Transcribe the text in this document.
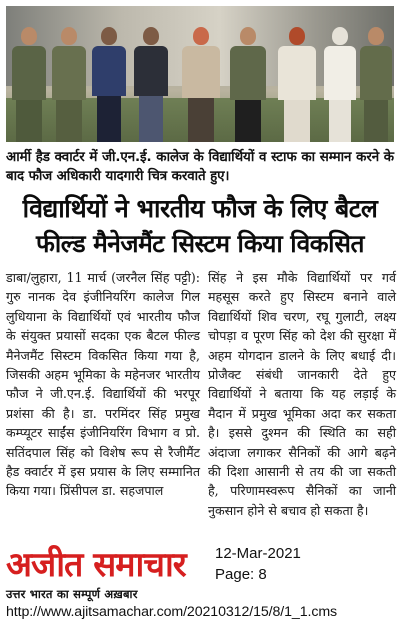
आर्मी हैड क्वार्टर में जी.एन.ई. कालेज के विद्यार्थियों व स्टाफ का सम्मान करने के बाद फौज अधिकारी यादगारी चित्र करवाते हुए।
विद्यार्थियों ने भारतीय फौज के लिए बैटल
फील्ड मैनेजमैंट सिस्टम किया विकसित
डाबा/लुहारा, 11 मार्च (जरनैल सिंह पट्टी): गुरु नानक देव इंजीनियरिंग कालेज गिल लुधियाना के विद्यार्थियों एवं भारतीय फौज के संयुक्त प्रयासों सदका एक बैटल फील्ड मैनेजमैंट सिस्टम विकसित किया गया है, जिसकी अहम भूमिका के महेनजर भारतीय फौज ने जी.एन.ई. विद्यार्थियों की भरपूर प्रशंसा की है। डा. परमिंदर सिंह प्रमुख कम्प्यूटर साईंस इंजीनियरिंग विभाग व प्रो. सतिंदपाल सिंह को विशेष रूप से रैजीमैंट हैड क्वार्टर में इस प्रयास के लिए सम्मानित किया गया। प्रिंसीपल डा. सहजपाल
सिंह ने इस मौके विद्यार्थियों पर गर्व महसूस करते हुए सिस्टम बनाने वाले विद्यार्थियों शिव चरण, रघू गुलाटी, लक्ष्य चोपड़ा व पूरण सिंह को देश की सुरक्षा में अहम योगदान डालने के लिए बधाई दी। प्रोजैक्ट संबंधी जानकारी देते हुए विद्यार्थियों ने बताया कि यह लड़ाई के मैदान में प्रमुख भूमिका अदा कर सकता है। इससे दुश्मन की स्थिति का सही अंदाजा लगाकर सैनिकों की आगे बढ़ने की दिशा आसानी से तय की जा सकती है, परिणामस्वरूप सैनिकों का जानी नुकसान होने से बचाव हो सकता है।
अजीत समाचार
उत्तर भारत का सम्पूर्ण अख़बार
12-Mar-2021
Page: 8
http://www.ajitsamachar.com/20210312/15/8/1_1.cms
